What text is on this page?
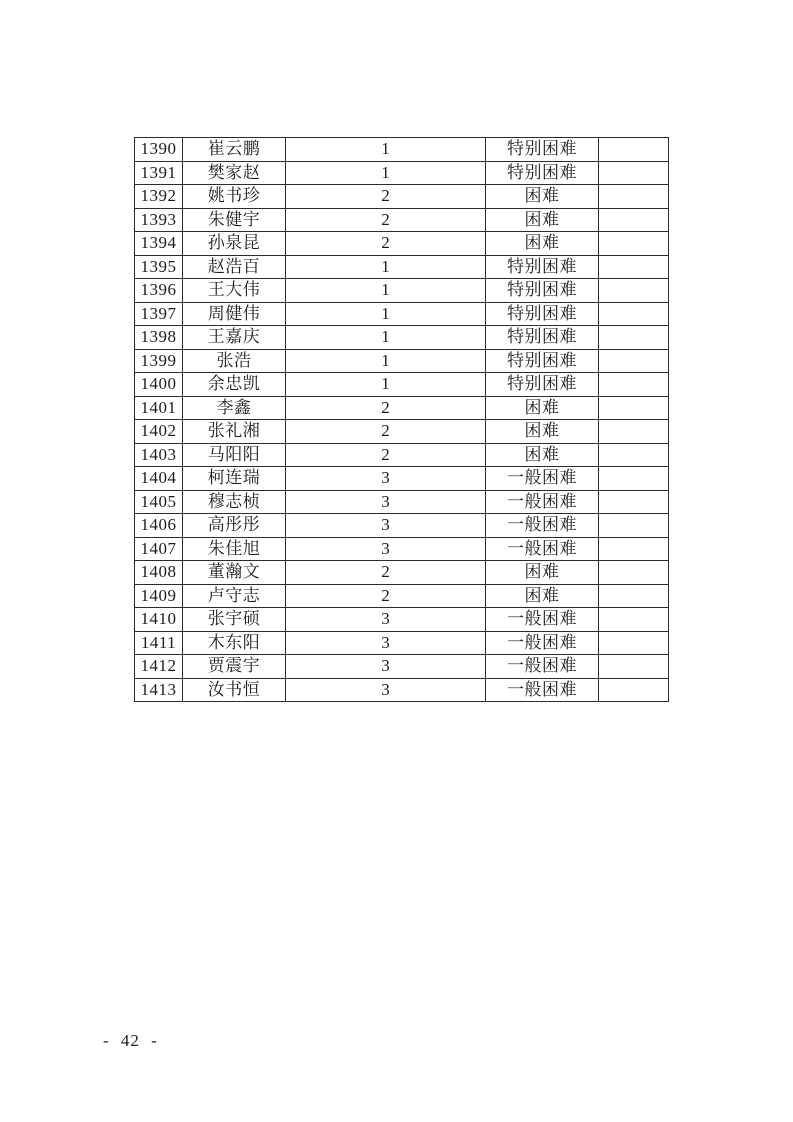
1390	崔云鹏	1	特别困难	
1391	樊家赵	1	特别困难	
1392	姚书珍	2	困难	
1393	朱健宇	2	困难	
1394	孙泉昆	2	困难	
1395	赵浩百	1	特别困难	
1396	王大伟	1	特别困难	
1397	周健伟	1	特别困难	
1398	王嘉庆	1	特别困难	
1399	张浩	1	特别困难	
1400	余忠凯	1	特别困难	
1401	李鑫	2	困难	
1402	张礼湘	2	困难	
1403	马阳阳	2	困难	
1404	柯连瑞	3	一般困难	
1405	穆志桢	3	一般困难	
1406	高彤彤	3	一般困难	
1407	朱佳旭	3	一般困难	
1408	董瀚文	2	困难	
1409	卢守志	2	困难	
1410	张宇硕	3	一般困难	
1411	木东阳	3	一般困难	
1412	贾震宇	3	一般困难	
1413	汝书恒	3	一般困难	
- 42 -
